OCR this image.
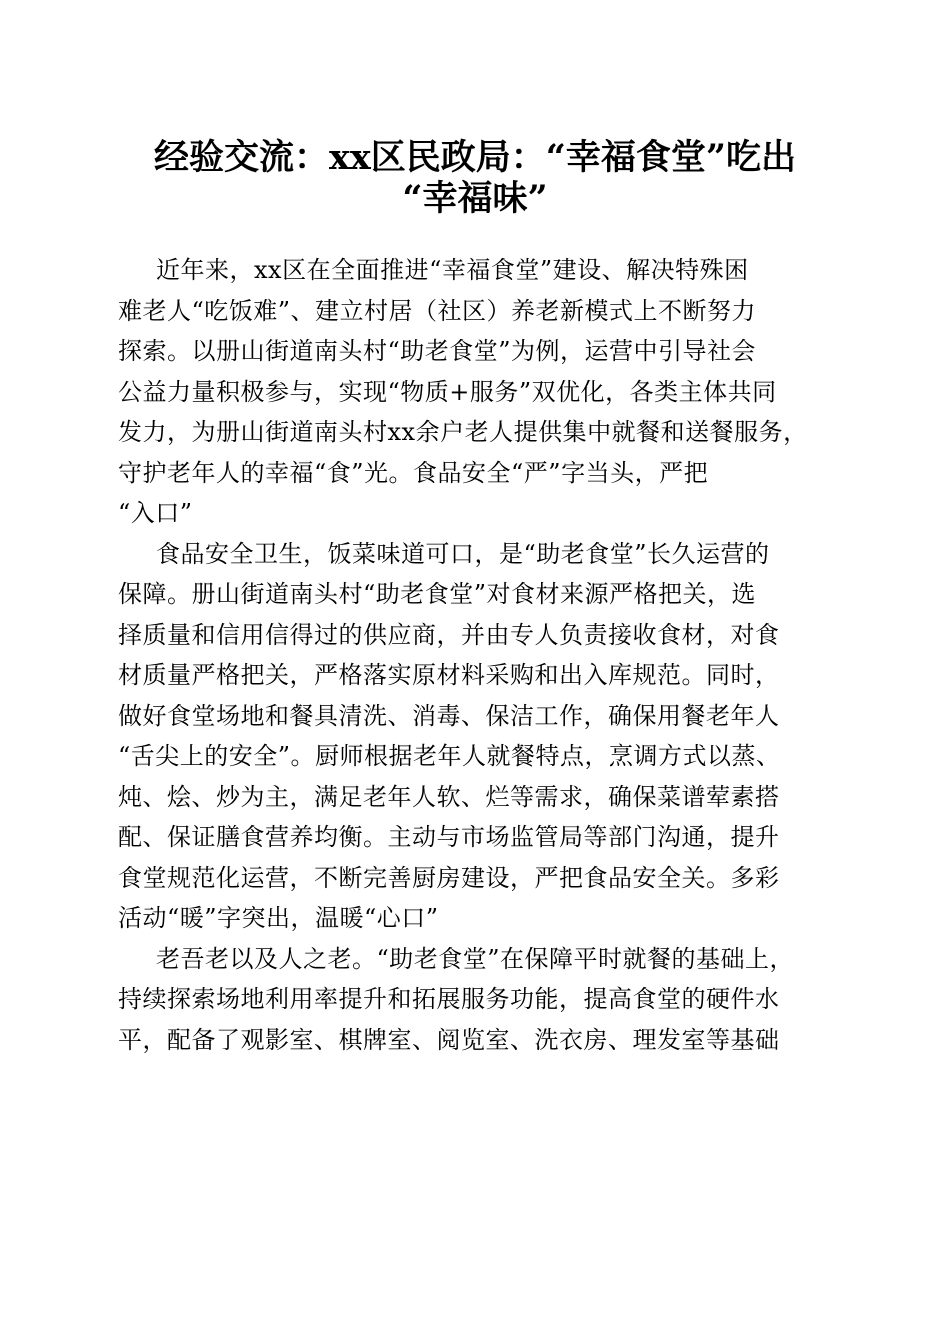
经验交流：xx区民政局：“幸福食堂”吃出
“幸福味”
近年来，xx区在全面推进“幸福食堂”建设、解决特殊困
难老人“吃饭难”、建立村居（社区）养老新模式上不断努力
探索。以册山街道南头村“助老食堂”为例，运营中引导社会
公益力量积极参与，实现“物质+服务”双优化，各类主体共同
发力，为册山街道南头村xx余户老人提供集中就餐和送餐服务，
守护老年人的幸福“食”光。食品安全“严”字当头，严把
“入口”
食品安全卫生，饭菜味道可口，是“助老食堂”长久运营的
保障。册山街道南头村“助老食堂”对食材来源严格把关，选
择质量和信用信得过的供应商，并由专人负责接收食材，对食
材质量严格把关，严格落实原材料采购和出入库规范。同时，
做好食堂场地和餐具清洗、消毒、保洁工作，确保用餐老年人
“舌尖上的安全”。厨师根据老年人就餐特点，烹调方式以蒸、
炖、烩、炒为主，满足老年人软、烂等需求，确保菜谱荤素搭
配、保证膳食营养均衡。主动与市场监管局等部门沟通，提升
食堂规范化运营，不断完善厨房建设，严把食品安全关。多彩
活动“暖”字突出，温暖“心口”
老吾老以及人之老。“助老食堂”在保障平时就餐的基础上，
持续探索场地利用率提升和拓展服务功能，提高食堂的硬件水
平，配备了观影室、棋牌室、阅览室、洗衣房、理发室等基础
